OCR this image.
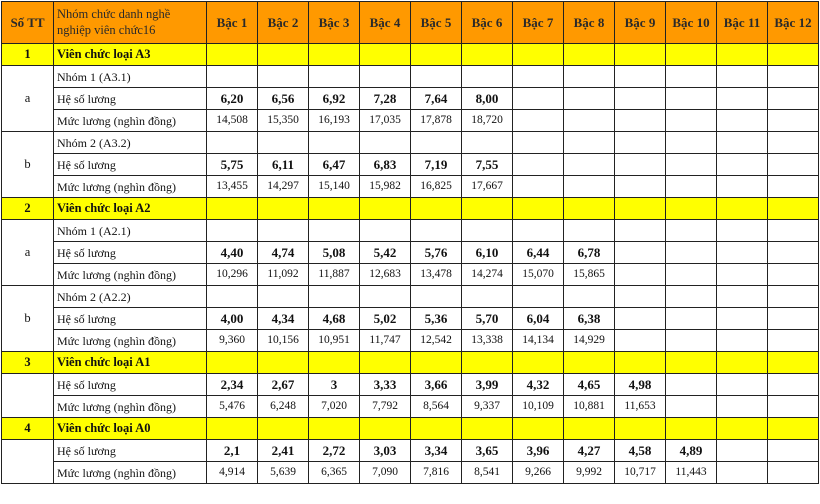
Số TT	Nhóm chức danh nghề nghiệp viên chức16	Bậc 1	Bậc 2	Bậc 3	Bậc 4	Bậc 5	Bậc 6	Bậc 7	Bậc 8	Bậc 9	Bậc 10	Bậc 11	Bậc 12
1	Viên chức loại A3												
a	Nhóm 1 (A3.1)												
	Hệ số lương	6,20	6,56	6,92	7,28	7,64	8,00						
	Mức lương (nghìn đồng)	14,508	15,350	16,193	17,035	17,878	18,720						
b	Nhóm 2 (A3.2)												
	Hệ số lương	5,75	6,11	6,47	6,83	7,19	7,55						
	Mức lương (nghìn đồng)	13,455	14,297	15,140	15,982	16,825	17,667						
2	Viên chức loại A2												
a	Nhóm 1 (A2.1)												
	Hệ số lương	4,40	4,74	5,08	5,42	5,76	6,10	6,44	6,78				
	Mức lương (nghìn đồng)	10,296	11,092	11,887	12,683	13,478	14,274	15,070	15,865				
b	Nhóm 2 (A2.2)												
	Hệ số lương	4,00	4,34	4,68	5,02	5,36	5,70	6,04	6,38				
	Mức lương (nghìn đồng)	9,360	10,156	10,951	11,747	12,542	13,338	14,134	14,929				
3	Viên chức loại A1												
	Hệ số lương	2,34	2,67	3	3,33	3,66	3,99	4,32	4,65	4,98			
	Mức lương (nghìn đồng)	5,476	6,248	7,020	7,792	8,564	9,337	10,109	10,881	11,653			
4	Viên chức loại A0												
	Hệ số lương	2,1	2,41	2,72	3,03	3,34	3,65	3,96	4,27	4,58	4,89		
	Mức lương (nghìn đồng)	4,914	5,639	6,365	7,090	7,816	8,541	9,266	9,992	10,717	11,443		
